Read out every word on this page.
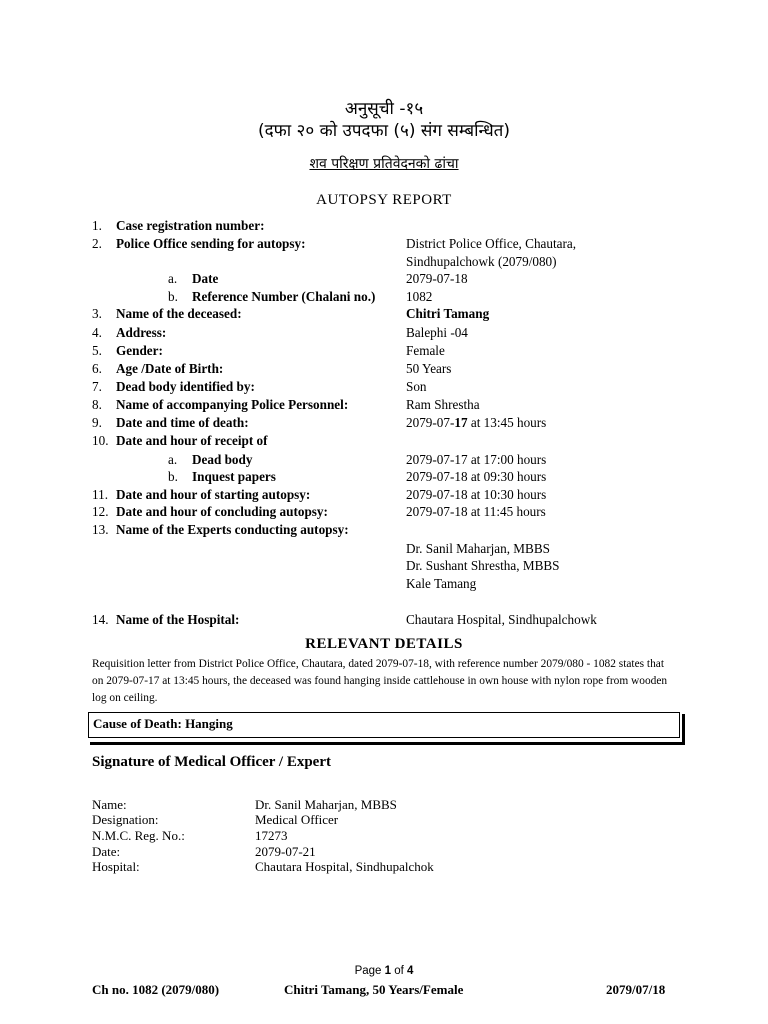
अनुसूची -१५
(दफा २० को उपदफा (५) संग सम्बन्धित)
शव परिक्षण प्रतिवेदनको ढांचा
AUTOPSY REPORT
1.	Case registration number:
2.	Police Office sending for autopsy:	District Police Office, Chautara,
Sindhupalchowk (2079/080)
a.	Date	2079-07-18
b.	Reference Number (Chalani no.) 1082
3.	Name of the deceased:	Chitri Tamang
4.	Address:	Balephi -04
5.	Gender:	Female
6.	Age /Date of Birth:	50 Years
7.	Dead body identified by:	Son
8.	Name of accompanying Police Personnel:	Ram Shrestha
9.	Date and time of death:	2079-07-17 at 13:45 hours
10. Date and hour of receipt of
a.	Dead body	2079-07-17 at 17:00 hours
b.	Inquest papers	2079-07-18 at 09:30 hours
11. Date and hour of starting autopsy:	2079-07-18 at 10:30 hours
12. Date and hour of concluding autopsy:	2079-07-18 at 11:45 hours
13. Name of the Experts conducting autopsy:
Dr. Sanil Maharjan, MBBS
Dr. Sushant Shrestha, MBBS
Kale Tamang
14. Name of the Hospital:	Chautara Hospital, Sindhupalchowk
RELEVANT DETAILS
Requisition letter from District Police Office, Chautara, dated 2079-07-18, with reference number 2079/080 - 1082 states that on 2079-07-17 at 13:45 hours, the deceased was found hanging inside cattlehouse in own house with nylon rope from wooden log on ceiling.
Cause of Death: Hanging
Signature of Medical Officer / Expert
Name:	Dr. Sanil Maharjan, MBBS
Designation:	Medical Officer
N.M.C. Reg. No.:	17273
Date:	2079-07-21
Hospital:	Chautara Hospital, Sindhupalchok
Page 1 of 4
Ch no. 1082 (2079/080)	Chitri Tamang, 50 Years/Female	2079/07/18
